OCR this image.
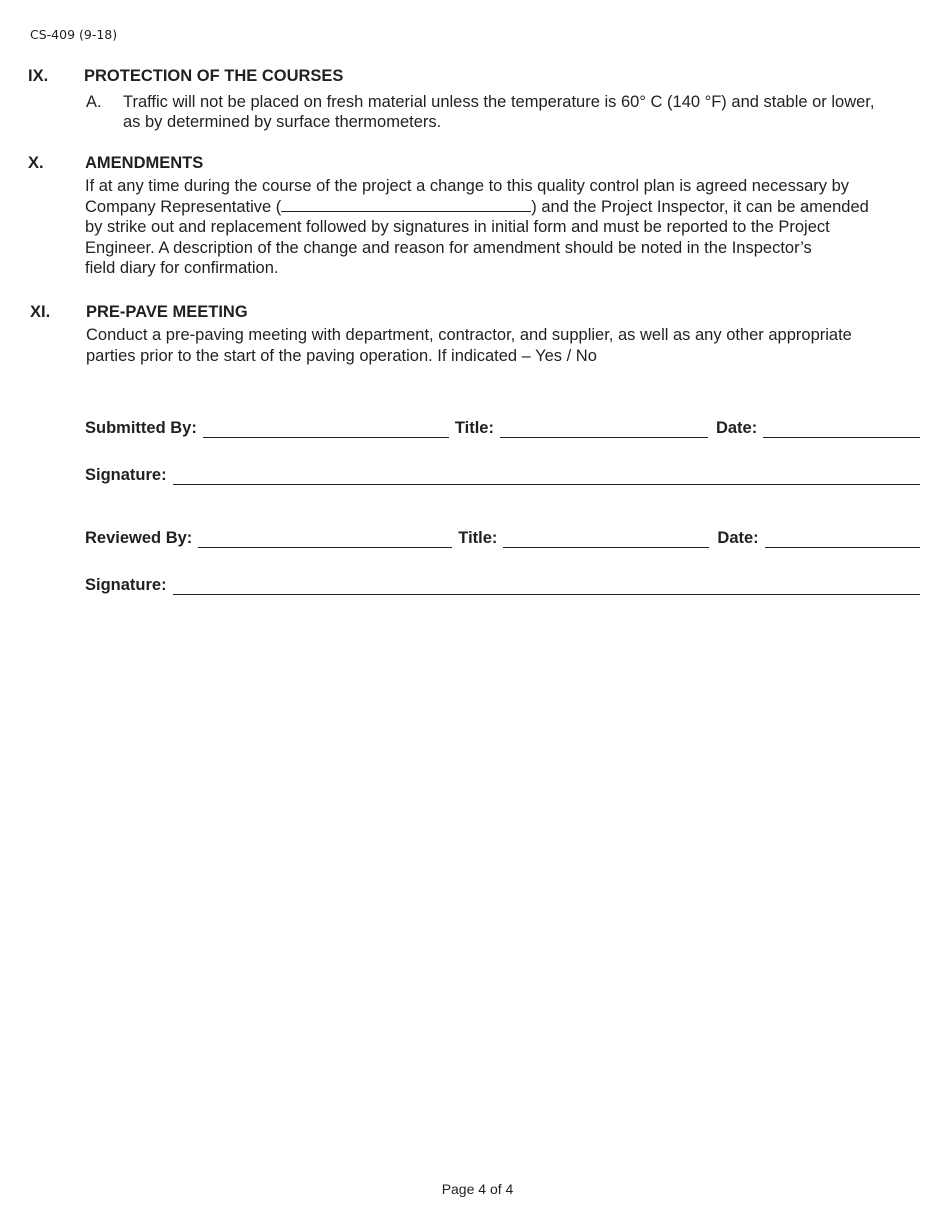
CS-409 (9-18)
IX. PROTECTION OF THE COURSES
A. Traffic will not be placed on fresh material unless the temperature is 60° C (140 °F) and stable or lower,
as by determined by surface thermometers.
X.	AMENDMENTS
If at any time during the course of the project a change to this quality control plan is agreed necessary by
Company Representative (	) and the Project Inspector, it can be amended
by strike out and replacement followed by signatures in initial form and must be reported to the Project
Engineer. A description of the change and reason for amendment should be noted in the Inspector’s
field diary for confirmation.
XI. PRE-PAVE MEETING
Conduct a pre-paving meeting with department, contractor, and supplier, as well as any other appropriate
parties prior to the start of the paving operation. If indicated – Yes / No
Submitted By:	Title:	Date:
Signature:
Reviewed By:	Title:	Date:
Signature:
Page 4 of 4
